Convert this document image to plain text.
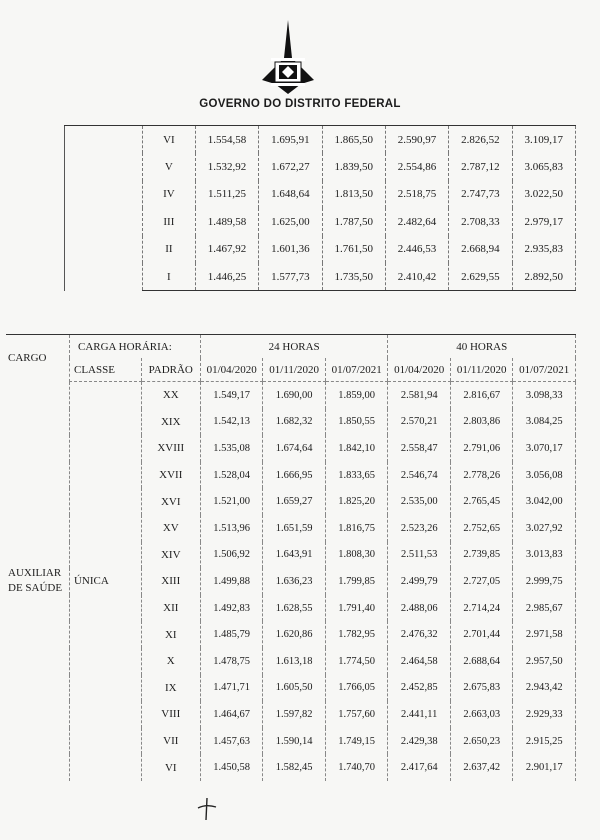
GOVERNO DO DISTRITO FEDERAL
	VI	1.554,58	1.695,91	1.865,50	2.590,97	2.826,52	3.109,17
	V	1.532,92	1.672,27	1.839,50	2.554,86	2.787,12	3.065,83
	IV	1.511,25	1.648,64	1.813,50	2.518,75	2.747,73	3.022,50
	III	1.489,58	1.625,00	1.787,50	2.482,64	2.708,33	2.979,17
	II	1.467,92	1.601,36	1.761,50	2.446,53	2.668,94	2.935,83
	I	1.446,25	1.577,73	1.735,50	2.410,42	2.629,55	2.892,50
CARGO	CARGA HORÁRIA:		24 HORAS			40 HORAS		
	CLASSE	PADRÃO	01/04/2020	01/11/2020	01/07/2021	01/04/2020	01/11/2020	01/07/2021

AUXILIAR
DE SAÚDE	ÚNICA	XX	1.549,17	1.690,00	1.859,00	2.581,94	2.816,67	3.098,33
		XIX	1.542,13	1.682,32	1.850,55	2.570,21	2.803,86	3.084,25
		XVIII	1.535,08	1.674,64	1.842,10	2.558,47	2.791,06	3.070,17
		XVII	1.528,04	1.666,95	1.833,65	2.546,74	2.778,26	3.056,08
		XVI	1.521,00	1.659,27	1.825,20	2.535,00	2.765,45	3.042,00
		XV	1.513,96	1.651,59	1.816,75	2.523,26	2.752,65	3.027,92
		XIV	1.506,92	1.643,91	1.808,30	2.511,53	2.739,85	3.013,83
		XIII	1.499,88	1.636,23	1.799,85	2.499,79	2.727,05	2.999,75
		XII	1.492,83	1.628,55	1.791,40	2.488,06	2.714,24	2.985,67
		XI	1.485,79	1.620,86	1.782,95	2.476,32	2.701,44	2.971,58
		X	1.478,75	1.613,18	1.774,50	2.464,58	2.688,64	2.957,50
		IX	1.471,71	1.605,50	1.766,05	2.452,85	2.675,83	2.943,42
		VIII	1.464,67	1.597,82	1.757,60	2.441,11	2.663,03	2.929,33
		VII	1.457,63	1.590,14	1.749,15	2.429,38	2.650,23	2.915,25
		VI	1.450,58	1.582,45	1.740,70	2.417,64	2.637,42	2.901,17
